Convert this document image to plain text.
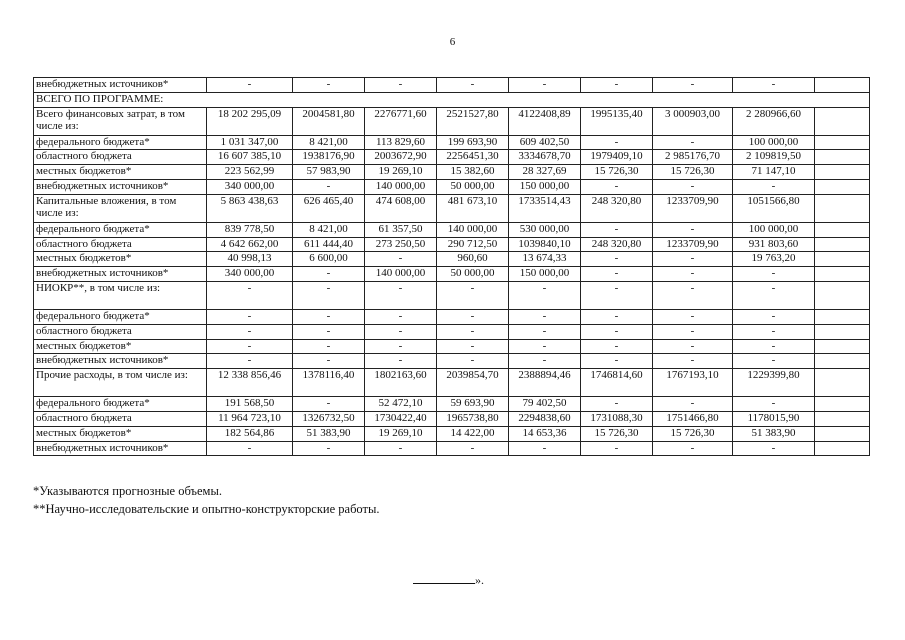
6
внебюджетных источников*	-	-	-	-	-	-	-	-	
ВСЕГО ПО ПРОГРАММЕ:									
Всего финансовых затрат, в том числе из:	18 202 295,09	2004581,80	2276771,60	2521527,80	4122408,89	1995135,40	3 000903,00	2 280966,60	
федерального бюджета*	1 031 347,00	8 421,00	113 829,60	199 693,90	609 402,50	-	-	100 000,00	
областного бюджета	16 607 385,10	1938176,90	2003672,90	2256451,30	3334678,70	1979409,10	2 985176,70	2 109819,50	
местных бюджетов*	223 562,99	57 983,90	19 269,10	15 382,60	28 327,69	15 726,30	15 726,30	71 147,10	
внебюджетных источников*	340 000,00	-	140 000,00	50 000,00	150 000,00	-	-	-	
Капитальные вложения, в том числе из:	5 863 438,63	626 465,40	474 608,00	481 673,10	1733514,43	248 320,80	1233709,90	1051566,80	
федерального бюджета*	839 778,50	8 421,00	61 357,50	140 000,00	530 000,00	-	-	100 000,00	
областного бюджета	4 642 662,00	611 444,40	273 250,50	290 712,50	1039840,10	248 320,80	1233709,90	931 803,60	
местных бюджетов*	40 998,13	6 600,00	-	960,60	13 674,33	-	-	19 763,20	
внебюджетных источников*	340 000,00	-	140 000,00	50 000,00	150 000,00	-	-	-	
НИОКР**, в том числе из:	-	-	-	-	-	-	-	-	
федерального бюджета*	-	-	-	-	-	-	-	-	
областного бюджета	-	-	-	-	-	-	-	-	
местных бюджетов*	-	-	-	-	-	-	-	-	
внебюджетных источников*	-	-	-	-	-	-	-	-	
Прочие расходы, в том числе из:	12 338 856,46	1378116,40	1802163,60	2039854,70	2388894,46	1746814,60	1767193,10	1229399,80	
федерального бюджета*	191 568,50	-	52 472,10	59 693,90	79 402,50	-	-	-	
областного бюджета	11 964 723,10	1326732,50	1730422,40	1965738,80	2294838,60	1731088,30	1751466,80	1178015,90	
местных бюджетов*	182 564,86	51 383,90	19 269,10	14 422,00	14 653,36	15 726,30	15 726,30	51 383,90	
внебюджетных источников*	-	-	-	-	-	-	-	-	
*Указываются прогнозные объемы.
**Научно-исследовательские и опытно-конструкторские работы.
».
